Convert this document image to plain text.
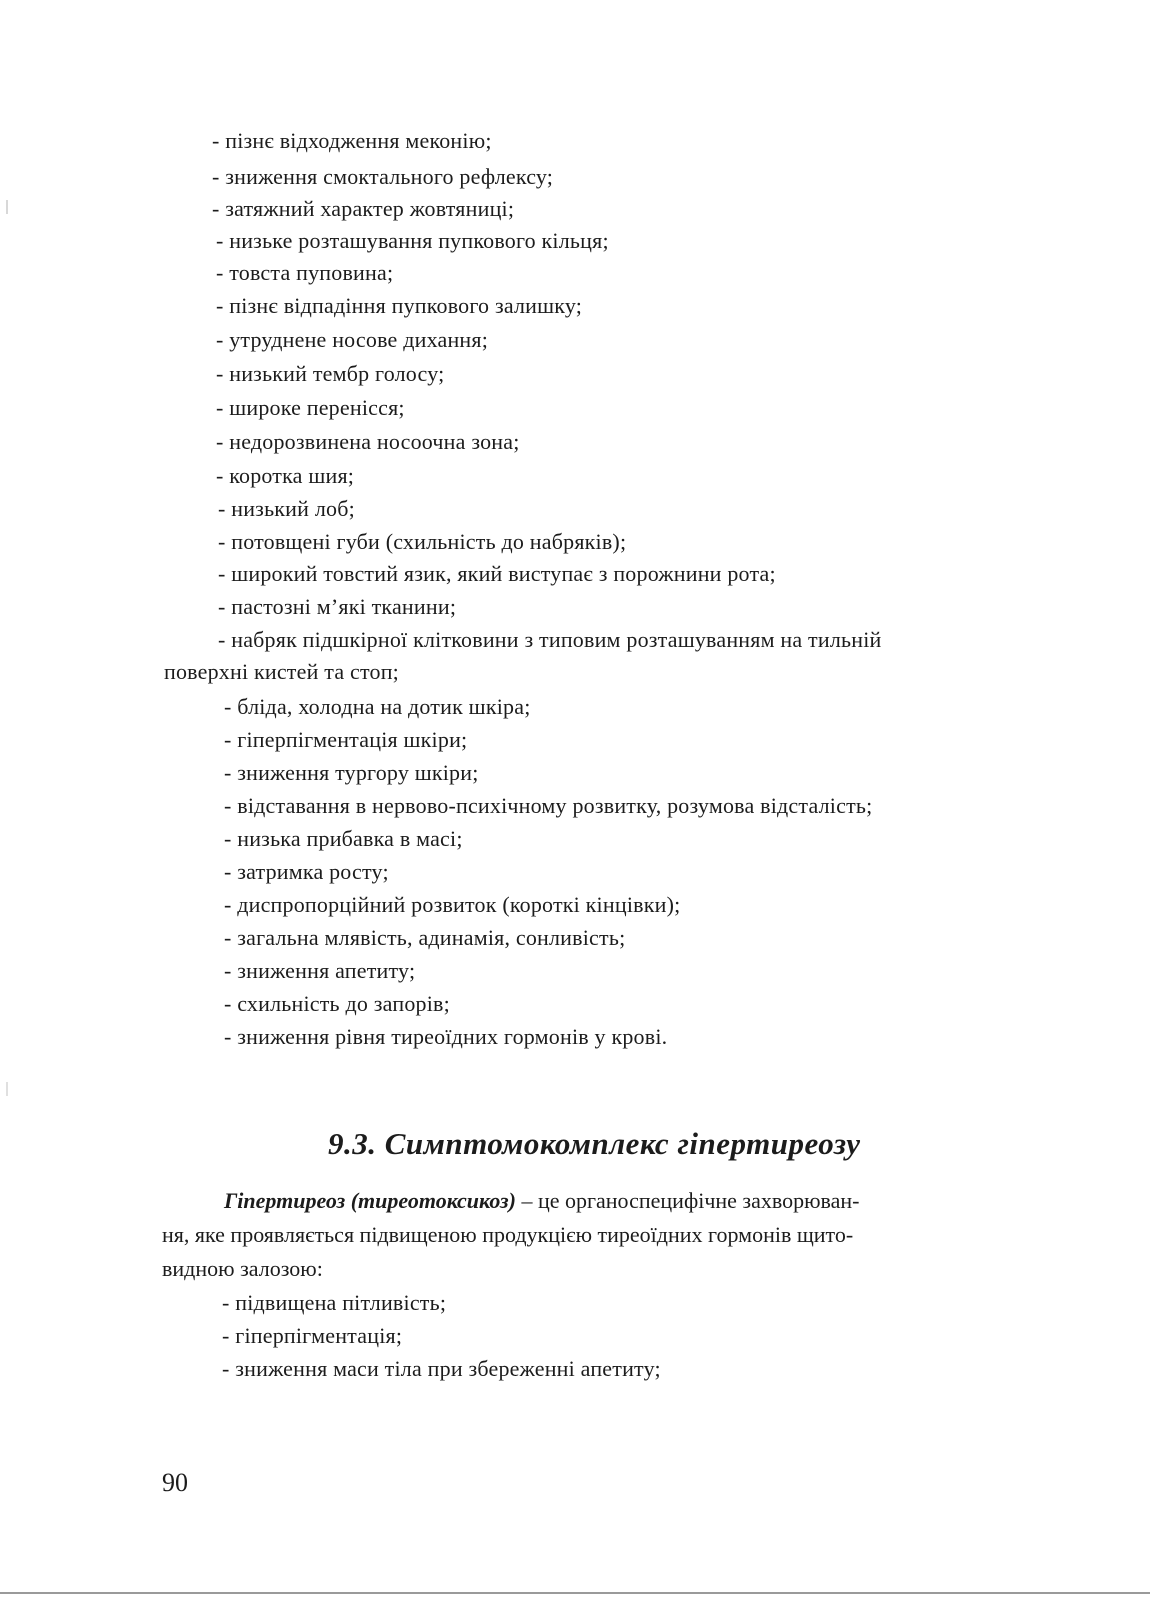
- пізнє відходження меконію;
- зниження смоктального рефлексу;
- затяжний характер жовтяниці;
- низьке розташування пупкового кільця;
- товста пуповина;
- пізнє відпадіння пупкового залишку;
- утруднене носове дихання;
- низький тембр голосу;
- широке перенісся;
- недорозвинена носоочна зона;
- коротка шия;
- низький лоб;
- потовщені губи (схильність до набряків);
- широкий товстий язик, який виступає з порожнини рота;
- пастозні м’які тканини;
- набряк підшкірної клітковини з типовим розташуванням на тильній
поверхні кистей та стоп;
- бліда, холодна на дотик шкіра;
- гіперпігментація шкіри;
- зниження тургору шкіри;
- відставання в нервово-психічному розвитку, розумова відсталість;
- низька прибавка в масі;
- затримка росту;
- диспропорційний розвиток (короткі кінцівки);
- загальна млявість, адинамія, сонливість;
- зниження апетиту;
- схильність до запорів;
- зниження рівня тиреоїдних гормонів у крові.
9.3. Симптомокомплекс гіпертиреозу
Гіпертиреоз (тиреотоксикоз) – це органоспецифічне захворюван-
ня, яке проявляється підвищеною продукцією тиреоїдних гормонів щито-
видною залозою:
- підвищена пітливість;
- гіперпігментація;
- зниження маси тіла при збереженні апетиту;
90
